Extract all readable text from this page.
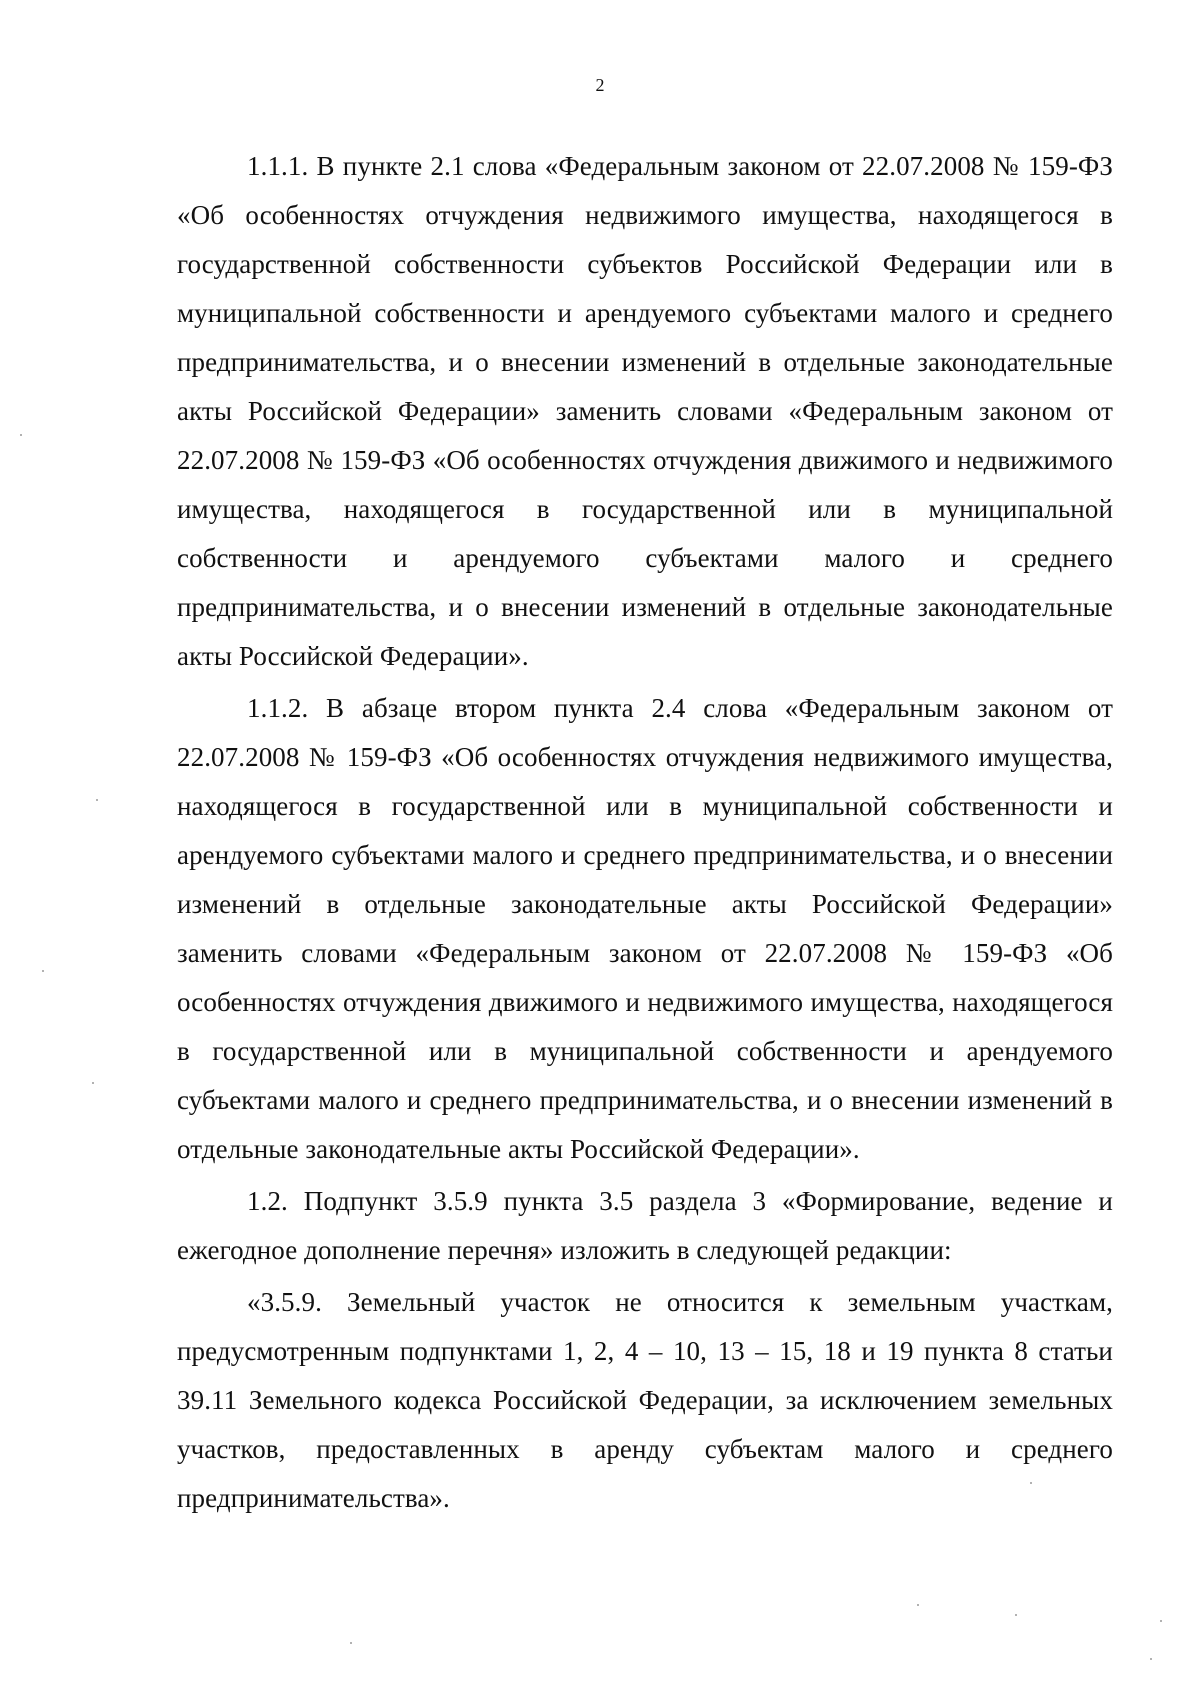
2

1.1.1. В пункте 2.1 слова «Федеральным законом от 22.07.2008 № 159-ФЗ «Об особенностях отчуждения недвижимого имущества, находящегося в государственной собственности субъектов Российской Федерации или в муниципальной собственности и арендуемого субъектами малого и среднего предпринимательства, и о внесении изменений в отдельные законодательные акты Российской Федерации» заменить словами «Федеральным законом от 22.07.2008 № 159-ФЗ «Об особенностях отчуждения движимого и недвижимого имущества, находящегося в государственной или в муниципальной собственности и арендуемого субъектами малого и среднего предпринимательства, и о внесении изменений в отдельные законодательные акты Российской Федерации».

1.1.2. В абзаце втором пункта 2.4 слова «Федеральным законом от 22.07.2008 № 159-ФЗ «Об особенностях отчуждения недвижимого имущества, находящегося в государственной или в муниципальной собственности и арендуемого субъектами малого и среднего предпринимательства, и о внесении изменений в отдельные законодательные акты Российской Федерации» заменить словами «Федеральным законом от 22.07.2008 № 159-ФЗ «Об особенностях отчуждения движимого и недвижимого имущества, находящегося в государственной или в муниципальной собственности и арендуемого субъектами малого и среднего предпринимательства, и о внесении изменений в отдельные законодательные акты Российской Федерации».

1.2. Подпункт 3.5.9 пункта 3.5 раздела 3 «Формирование, ведение и ежегодное дополнение перечня» изложить в следующей редакции:

«3.5.9. Земельный участок не относится к земельным участкам, предусмотренным подпунктами 1, 2, 4 – 10, 13 – 15, 18 и 19 пункта 8 статьи 39.11 Земельного кодекса Российской Федерации, за исключением земельных участков, предоставленных в аренду субъектам малого и среднего предпринимательства».
